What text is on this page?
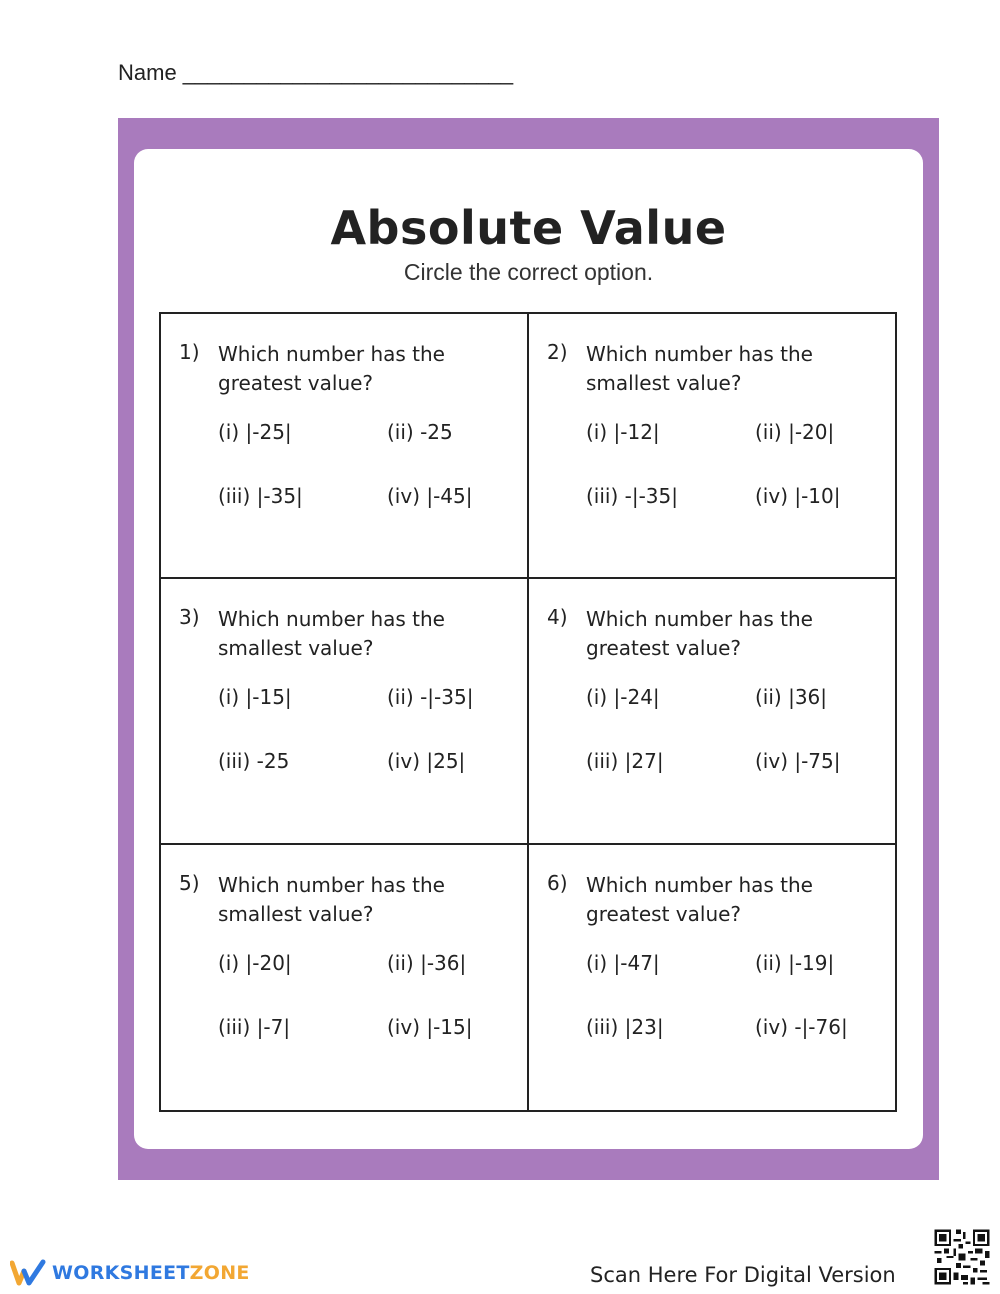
Name ___________________________
Absolute Value
Circle the correct option.
1) Which number has the greatest value?
(i) |-25|	(ii) -25
(iii) |-35|	(iv) |-45|
2) Which number has the smallest value?
(i) |-12|	(ii) |-20|
(iii) -|-35|	(iv) |-10|
3) Which number has the smallest value?
(i) |-15|	(ii) -|-35|
(iii) -25	(iv) |25|
4) Which number has the greatest value?
(i) |-24|	(ii) |36|
(iii) |27|	(iv) |-75|
5) Which number has the smallest value?
(i) |-20|	(ii) |-36|
(iii) |-7|	(iv) |-15|
6) Which number has the greatest value?
(i) |-47|	(ii) |-19|
(iii) |23|	(iv) -|-76|
WORKSHEETZONE	Scan Here For Digital Version
